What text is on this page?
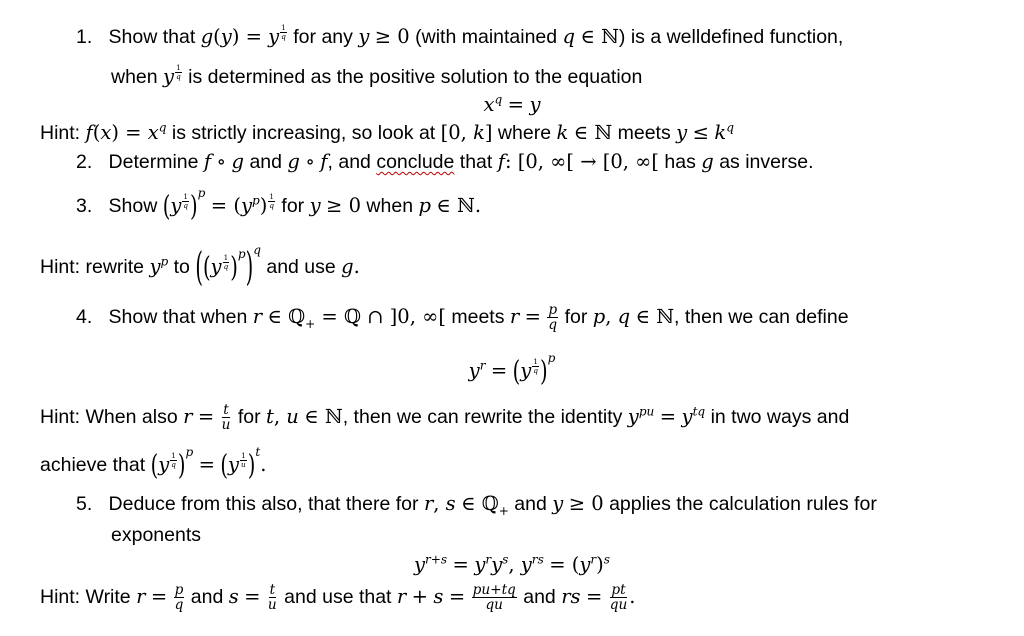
1. Show that g(y) = y $^{\frac{1}{q}}$ for any y ≥ 0 (with maintained q ∈ ℕ) is a welldefined function,
when y $^{\frac{1}{q}}$ is determined as the positive solution to the equation
$x^q = y$
Hint: $f(x) = x^q$ is strictly increasing, so look at [0, k] where k ∈ ℕ meets $y \le k^q$
2. Determine f ∘ g and g ∘ f, and conclude that f: [0, ∞[ → [0, ∞[ has g as inverse.
3. Show (y $^{\frac{1}{q}}$ )$^p = (y^p)$ $^{\frac{1}{q}}$ for y ≥ 0 when p ∈ ℕ.
Hint: rewrite $y^p$ to ((y $^{\frac{1}{q}}$ )$^p$)$^q$ and use g.
4. Show that when r ∈ ℚ$_+$ = ℚ ∩ ]0, ∞[ meets $r = \frac{p}{q}$ for p, q ∈ ℕ, then we can define
$y^r = (y$ $^{\frac{1}{q}}$ )$^p$
Hint: When also $r = \frac{t}{u}$ for t, u ∈ ℕ, then we can rewrite the identity $y^{pu} = y^{tq}$ in two ways and
achieve that (y $^{\frac{1}{q}}$ )$^p$ = (y $^{\frac{1}{u}}$ )$^t$.
5. Deduce from this also, that there for r, s ∈ ℚ$_+$ and y ≥ 0 applies the calculation rules for
exponents
$y^{r+s} = y^ry^s$, $y^{rs} = (y^r)^s$
Hint: Write $r = \frac{p}{q}$ and $s = \frac{t}{u}$ and use that $r + s = \frac{pu+tq}{qu}$ and rs = $\frac{pt}{qu}$ .
